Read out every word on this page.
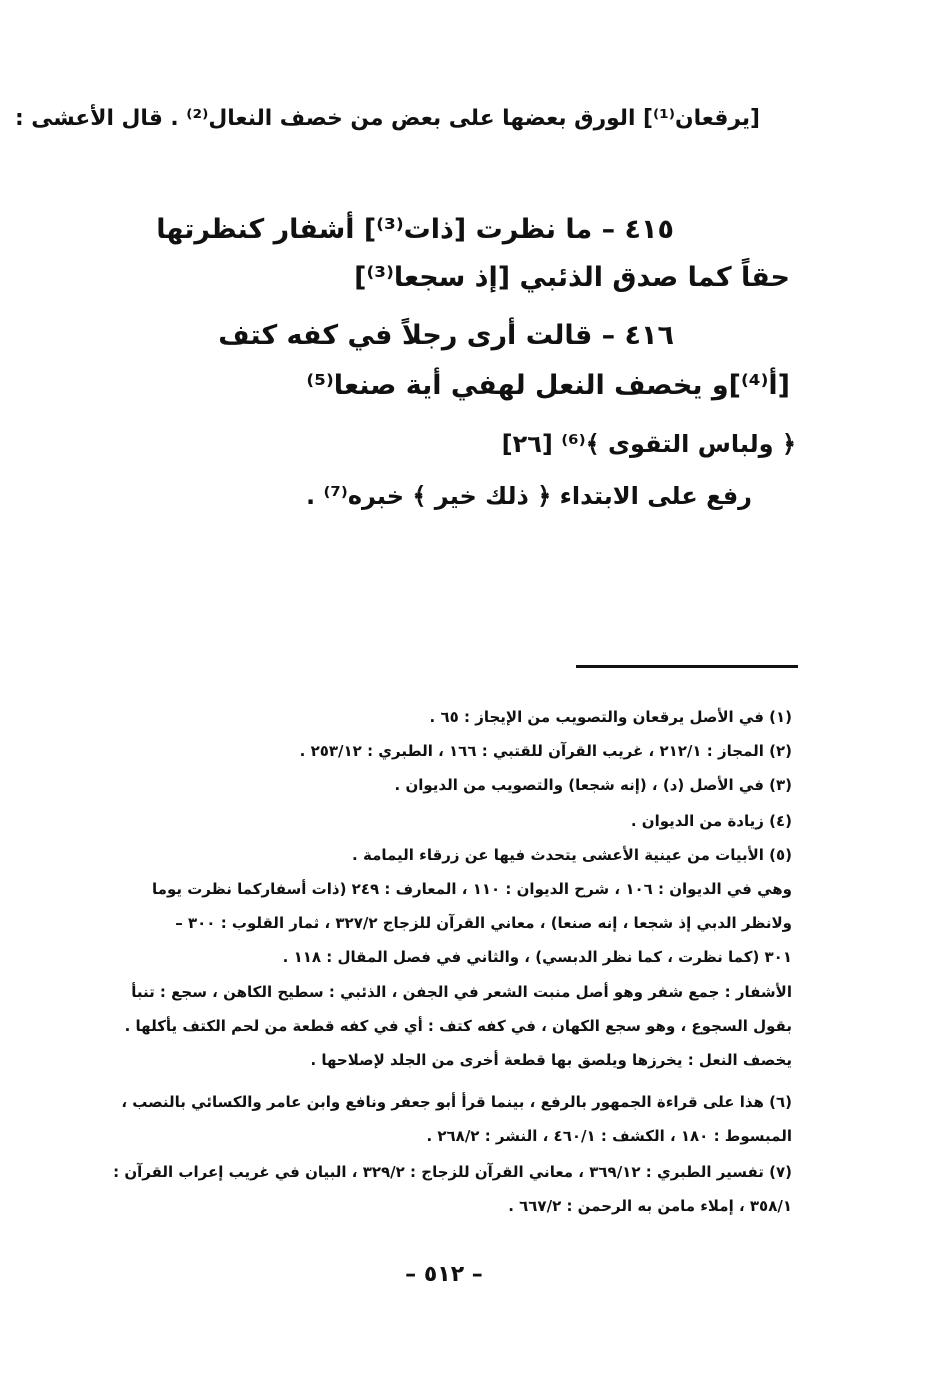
[يرقعان⁽¹⁾] الورق بعضها على بعض من خصف النعال⁽²⁾ . قال الأعشى :

٤١٥ – ما نظرت [ذات⁽³⁾] أشفار كنظرتها

حقاً كما صدق الذئبي [إذ سجعا⁽³⁾]

٤١٦ – قالت أرى رجلاً في كفه كتف

[أ⁽⁴⁾]و يخصف النعل لهفي أية صنعا⁽⁵⁾

﴿ ولباس التقوى ﴾⁽⁶⁾ [٢٦]

رفع على الابتداء ﴿ ذلك خير ﴾ خبره⁽⁷⁾ .

(١) في الأصل يرقعان والتصويب من الإيجاز : ٦٥ .

(٢) المجاز : ٢١٢/١ ، غريب القرآن للقتبي : ١٦٦ ، الطبري : ٢٥٣/١٢ .

(٣) في الأصل (د) ، (إنه شجعا) والتصويب من الديوان .

(٤) زيادة من الديوان .

(٥) الأبيات من عينية الأعشى يتحدث فيها عن زرقاء اليمامة .

وهي في الديوان : ١٠٦ ، شرح الديوان : ١١٠ ، المعارف : ٢٤٩ (ذات أسفاركما نظرت يوما

ولانظر الدبي إذ شجعا ، إنه صنعا) ، معاني القرآن للزجاج ٣٢٧/٢ ، ثمار القلوب : ٣٠٠ –

٣٠١ (كما نظرت ، كما نظر الدبسي) ، والثاني في فصل المقال : ١١٨ .

الأشفار : جمع شفر وهو أصل منبت الشعر في الجفن ، الذئبي : سطيح الكاهن ، سجع : تنبأ

بقول السجوع ، وهو سجع الكهان ، في كفه كتف : أي في كفه قطعة من لحم الكتف يأكلها .

يخصف النعل : يخرزها ويلصق بها قطعة أخرى من الجلد لإصلاحها .

(٦) هذا على قراءة الجمهور بالرفع ، بينما قرأ أبو جعفر ونافع وابن عامر والكسائي بالنصب ،

المبسوط : ١٨٠ ، الكشف : ٤٦٠/١ ، النشر : ٢٦٨/٢ .

(٧) تفسير الطبري : ٣٦٩/١٢ ، معاني القرآن للزجاج : ٣٢٩/٢ ، البيان في غريب إعراب القرآن :

٣٥٨/١ ، إملاء مامن به الرحمن : ٦٦٧/٢ .

– ٥١٢ –
